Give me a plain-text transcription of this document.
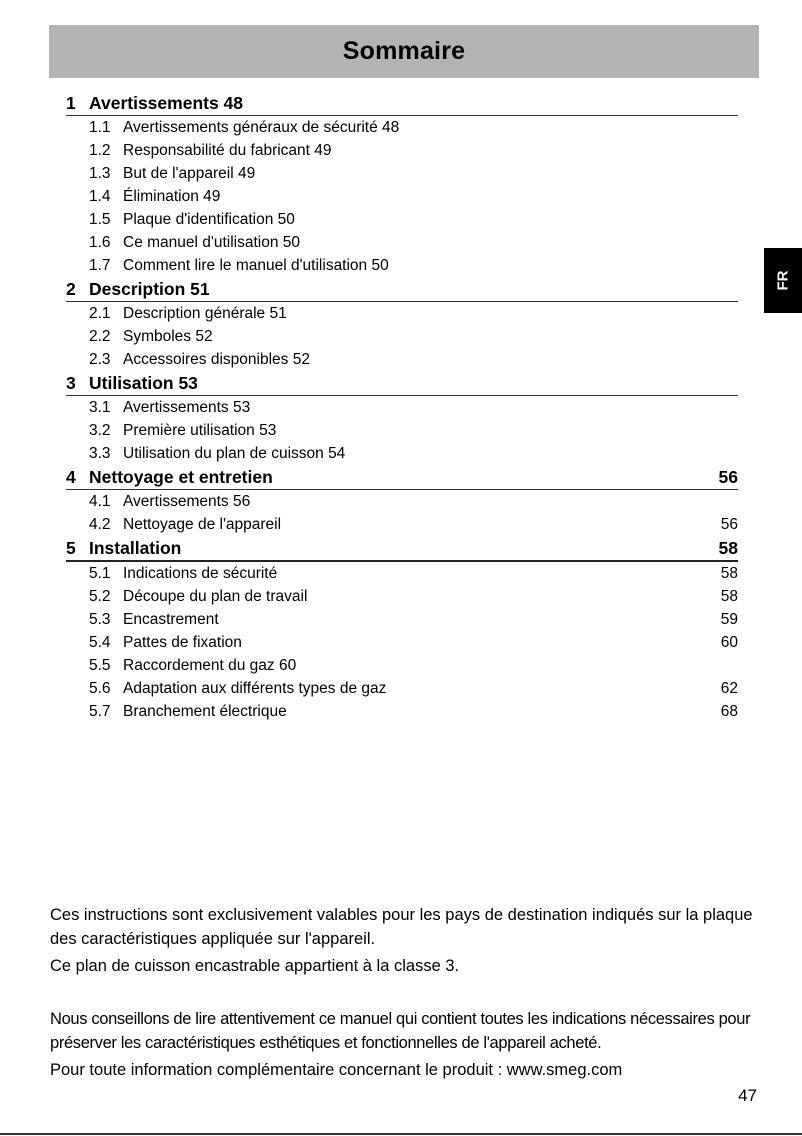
Sommaire
FR
1 Avertissements 48
1.1 Avertissements généraux de sécurité 48
1.2 Responsabilité du fabricant 49
1.3 But de l'appareil 49
1.4 Élimination 49
1.5 Plaque d'identification 50
1.6 Ce manuel d'utilisation 50
1.7 Comment lire le manuel d'utilisation 50
2 Description 51
2.1 Description générale 51
2.2 Symboles 52
2.3 Accessoires disponibles 52
3 Utilisation 53
3.1 Avertissements 53
3.2 Première utilisation 53
3.3 Utilisation du plan de cuisson 54
4 Nettoyage et entretien	56
4.1 Avertissements 56
4.2 Nettoyage de l'appareil	56
5 Installation	58
5.1 Indications de sécurité	58
5.2 Découpe du plan de travail	58
5.3 Encastrement	59
5.4 Pattes de fixation	60
5.5 Raccordement du gaz 60
5.6 Adaptation aux différents types de gaz	62
5.7 Branchement électrique	68

Ces instructions sont exclusivement valables pour les pays de destination indiqués sur la plaque des caractéristiques appliquée sur l'appareil.

Ce plan de cuisson encastrable appartient à la classe 3.

Nous conseillons de lire attentivement ce manuel qui contient toutes les indications nécessaires pour préserver les caractéristiques esthétiques et fonctionnelles de l'appareil acheté.

Pour toute information complémentaire concernant le produit : www.smeg.com

47
